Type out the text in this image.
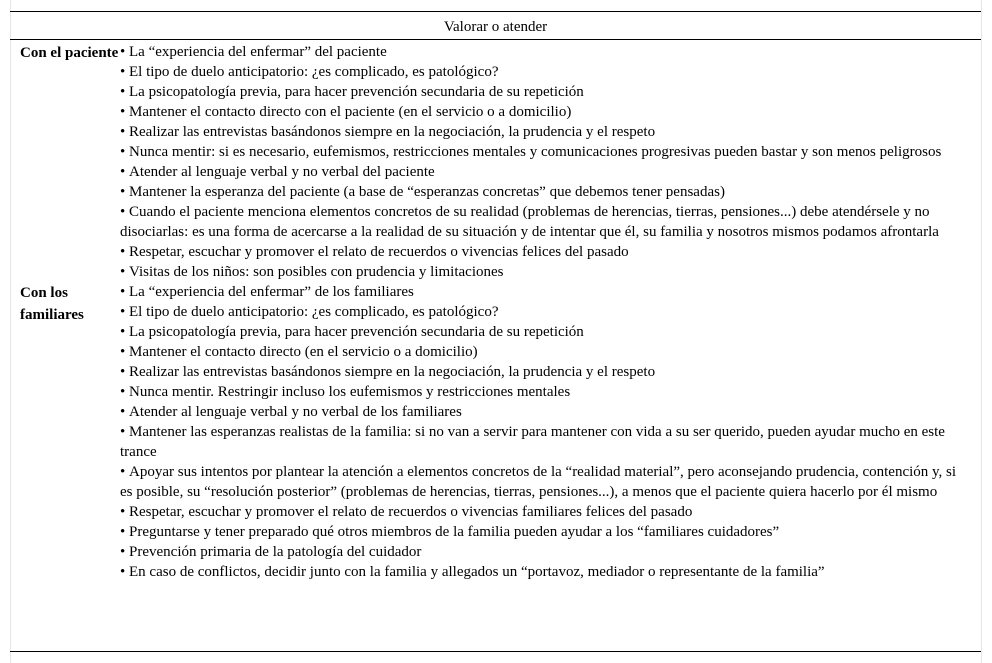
Valorar o atender
Con el paciente
• La “experiencia del enfermar” del paciente
• El tipo de duelo anticipatorio: ¿es complicado, es patológico?
• La psicopatología previa, para hacer prevención secundaria de su repetición
• Mantener el contacto directo con el paciente (en el servicio o a domicilio)
• Realizar las entrevistas basándonos siempre en la negociación, la prudencia y el respeto
• Nunca mentir: si es necesario, eufemismos, restricciones mentales y comunicaciones progresivas pueden bastar y son menos peligrosos
• Atender al lenguaje verbal y no verbal del paciente
• Mantener la esperanza del paciente (a base de “esperanzas concretas” que debemos tener pensadas)
• Cuando el paciente menciona elementos concretos de su realidad (problemas de herencias, tierras, pensiones...) debe atendérsele y no disociarlas: es una forma de acercarse a la realidad de su situación y de intentar que él, su familia y nosotros mismos podamos afrontarla
• Respetar, escuchar y promover el relato de recuerdos o vivencias felices del pasado
• Visitas de los niños: son posibles con prudencia y limitaciones
Con los familiares
• La “experiencia del enfermar” de los familiares
• El tipo de duelo anticipatorio: ¿es complicado, es patológico?
• La psicopatología previa, para hacer prevención secundaria de su repetición
• Mantener el contacto directo (en el servicio o a domicilio)
• Realizar las entrevistas basándonos siempre en la negociación, la prudencia y el respeto
• Nunca mentir. Restringir incluso los eufemismos y restricciones mentales
• Atender al lenguaje verbal y no verbal de los familiares
• Mantener las esperanzas realistas de la familia: si no van a servir para mantener con vida a su ser querido, pueden ayudar mucho en este trance
• Apoyar sus intentos por plantear la atención a elementos concretos de la “realidad material”, pero aconsejando prudencia, contención y, si es posible, su “resolución posterior” (problemas de herencias, tierras, pensiones...), a menos que el paciente quiera hacerlo por él mismo
• Respetar, escuchar y promover el relato de recuerdos o vivencias familiares felices del pasado
• Preguntarse y tener preparado qué otros miembros de la familia pueden ayudar a los “familiares cuidadores”
• Prevención primaria de la patología del cuidador
• En caso de conflictos, decidir junto con la familia y allegados un “portavoz, mediador o representante de la familia”
